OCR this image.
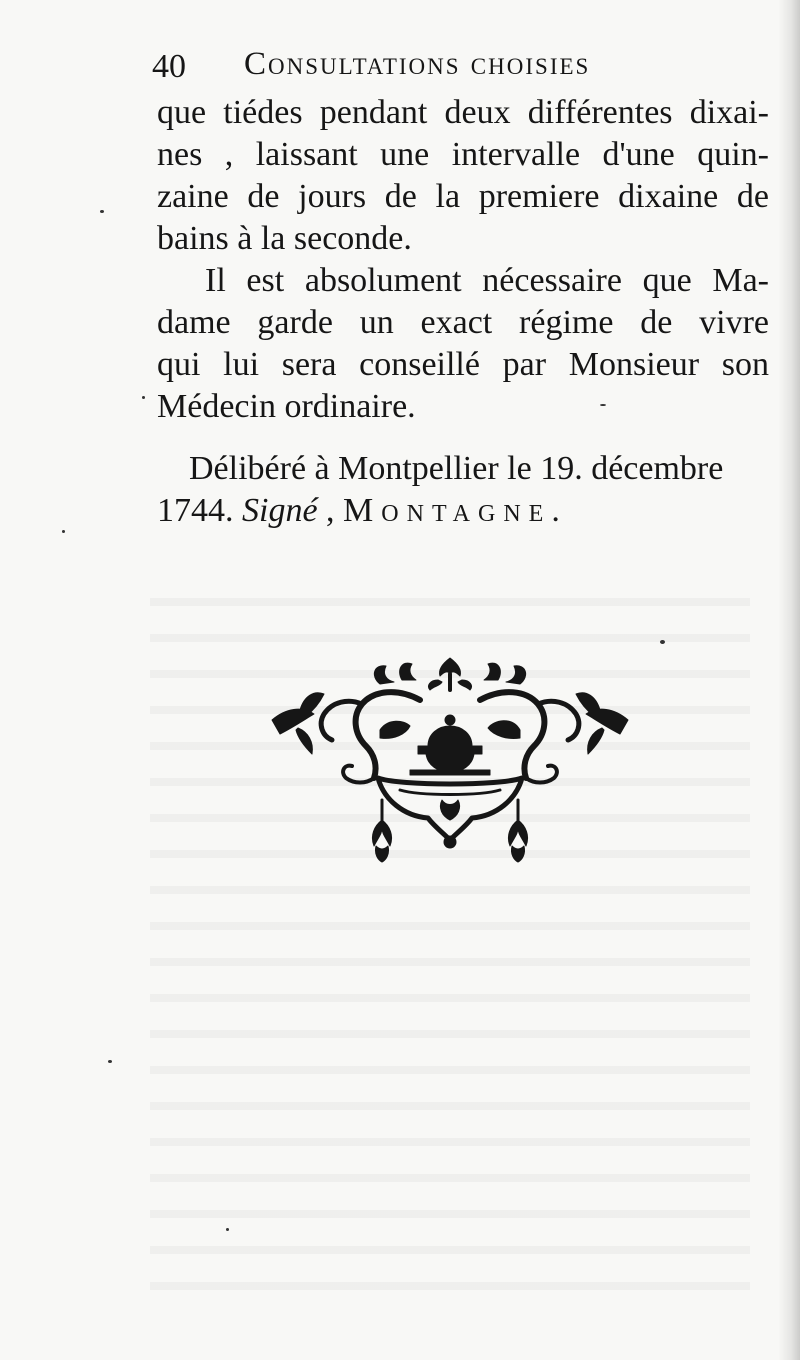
40 Consultations choisies
que tiédes pendant deux différentes dixai-
nes , laissant une intervalle d'une quin-
zaine de jours de la premiere dixaine de
bains à la seconde.
Il est absolument nécessaire que Ma-
dame garde un exact régime de vivre
qui lui sera conseillé par Monsieur son
Médecin ordinaire.
Délibéré à Montpellier le 19. décembre
1744. Signé , Montagne.
